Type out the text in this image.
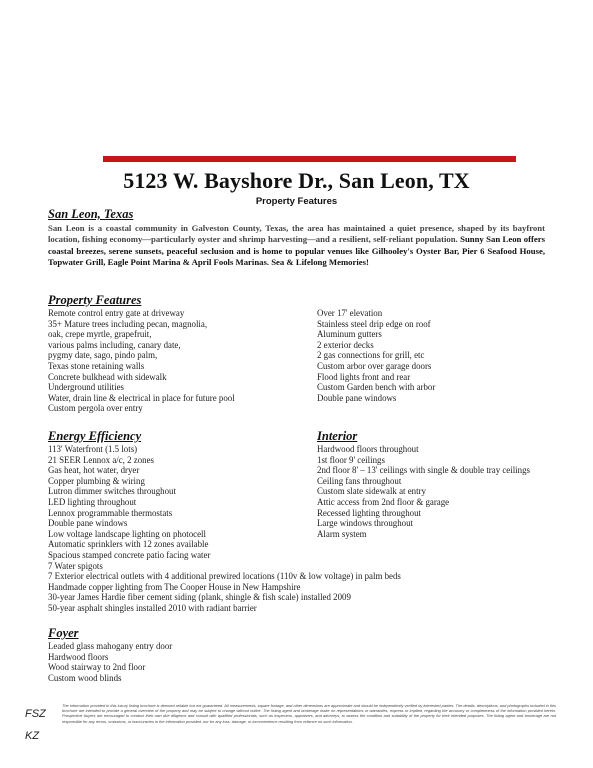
5123 W. Bayshore Dr., San Leon, TX
Property Features
San Leon, Texas
San Leon is a coastal community in Galveston County, Texas, the area has maintained a quiet presence, shaped by its bayfront location, fishing economy—particularly oyster and shrimp harvesting—and a resilient, self-reliant population. Sunny San Leon offers coastal breezes, serene sunsets, peaceful seclusion and is home to popular venues like Gilhooley's Oyster Bar, Pier 6 Seafood House, Topwater Grill, Eagle Point Marina & April Fools Marinas. Sea & Lifelong Memories!
Property Features
Remote control entry gate at driveway
35+ Mature trees including pecan, magnolia,
oak, crepe myrtle, grapefruit,
various palms including, canary date,
pygmy date, sago, pindo palm,
Texas stone retaining walls
Concrete bulkhead with sidewalk
Underground utilities
Water, drain line & electrical in place for future pool
Custom pergola over entry
Over 17' elevation
Stainless steel drip edge on roof
Aluminum gutters
2 exterior decks
2 gas connections for grill, etc
Custom arbor over garage doors
Flood lights front and rear
Custom Garden bench with arbor
Double pane windows
Energy Efficiency
113' Waterfront (1.5 lots)
21 SEER Lennox a/c, 2 zones
Gas heat, hot water, dryer
Copper plumbing & wiring
Lutron dimmer switches throughout
LED lighting throughout
Lennox programmable thermostats
Double pane windows
Low voltage landscape lighting on photocell
Automatic sprinklers with 12 zones available
Spacious stamped concrete patio facing water
7 Water spigots
7 Exterior electrical outlets with 4 additional prewired locations (110v & low voltage) in palm beds
Handmade copper lighting from The Cooper House in New Hampshire
30-year James Hardie fiber cement siding (plank, shingle & fish scale) installed 2009
50-year asphalt shingles installed 2010 with radiant barrier
Interior
Hardwood floors throughout
1st floor 9' ceilings
2nd floor 8' – 13' ceilings with single & double tray ceilings
Ceiling fans throughout
Custom slate sidewalk at entry
Attic access from 2nd floor & garage
Recessed lighting throughout
Large windows throughout
Alarm system
Foyer
Leaded glass mahogany entry door
Hardwood floors
Wood stairway to 2nd floor
Custom wood blinds
FSZ
KZ
The information provided in this luxury listing brochure is deemed reliable but not guaranteed. All measurements, square footage, and other dimensions are approximate and should be independently verified by interested parties. The details, descriptions, and photographs included in this brochure are intended to provide a general overview of the property and may be subject to change without notice. The listing agent and brokerage make no representations or warranties, express or implied, regarding the accuracy or completeness of the information provided herein. Prospective buyers are encouraged to conduct their own due diligence and consult with qualified professionals, such as inspectors, appraisers, and attorneys, to assess the condition and suitability of the property for their intended purposes. The listing agent and brokerage are not responsible for any errors, omissions, or inaccuracies in the information provided, nor for any loss, damage, or inconvenience resulting from reliance on such information.
